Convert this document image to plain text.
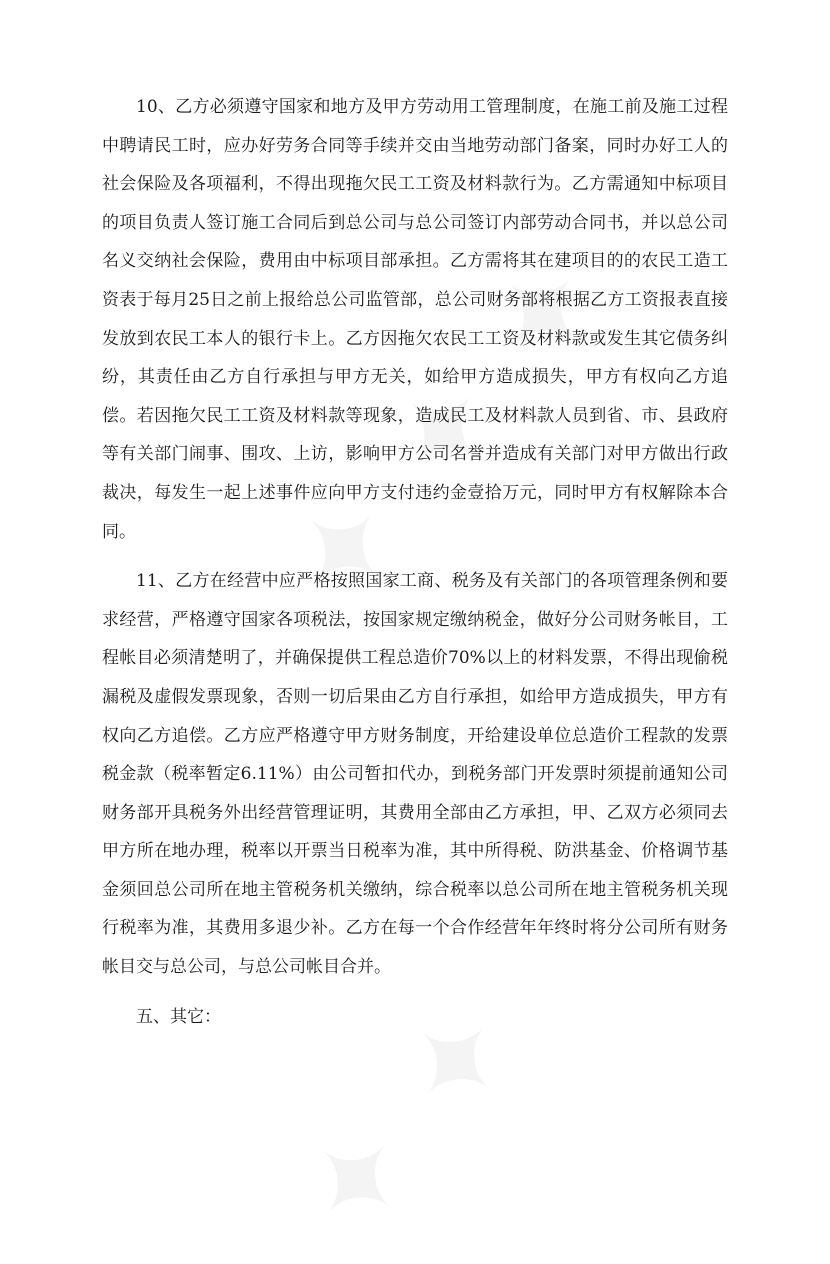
10、乙方必须遵守国家和地方及甲方劳动用工管理制度，在施工前及施工过程中聘请民工时，应办好劳务合同等手续并交由当地劳动部门备案，同时办好工人的社会保险及各项福利，不得出现拖欠民工工资及材料款行为。乙方需通知中标项目的项目负责人签订施工合同后到总公司与总公司签订内部劳动合同书，并以总公司名义交纳社会保险，费用由中标项目部承担。乙方需将其在建项目的的农民工造工资表于每月25日之前上报给总公司监管部，总公司财务部将根据乙方工资报表直接发放到农民工本人的银行卡上。乙方因拖欠农民工工资及材料款或发生其它债务纠纷，其责任由乙方自行承担与甲方无关，如给甲方造成损失，甲方有权向乙方追偿。若因拖欠民工工资及材料款等现象，造成民工及材料款人员到省、市、县政府等有关部门闹事、围攻、上访，影响甲方公司名誉并造成有关部门对甲方做出行政裁决，每发生一起上述事件应向甲方支付违约金壹拾万元，同时甲方有权解除本合同。

11、乙方在经营中应严格按照国家工商、税务及有关部门的各项管理条例和要求经营，严格遵守国家各项税法，按国家规定缴纳税金，做好分公司财务帐目，工程帐目必须清楚明了，并确保提供工程总造价70%以上的材料发票，不得出现偷税漏税及虚假发票现象，否则一切后果由乙方自行承担，如给甲方造成损失，甲方有权向乙方追偿。乙方应严格遵守甲方财务制度，开给建设单位总造价工程款的发票税金款（税率暂定6.11%）由公司暂扣代办，到税务部门开发票时须提前通知公司财务部开具税务外出经营管理证明，其费用全部由乙方承担，甲、乙双方必须同去甲方所在地办理，税率以开票当日税率为准，其中所得税、防洪基金、价格调节基金须回总公司所在地主管税务机关缴纳，综合税率以总公司所在地主管税务机关现行税率为准，其费用多退少补。乙方在每一个合作经营年年终时将分公司所有财务帐目交与总公司，与总公司帐目合并。

五、其它：
